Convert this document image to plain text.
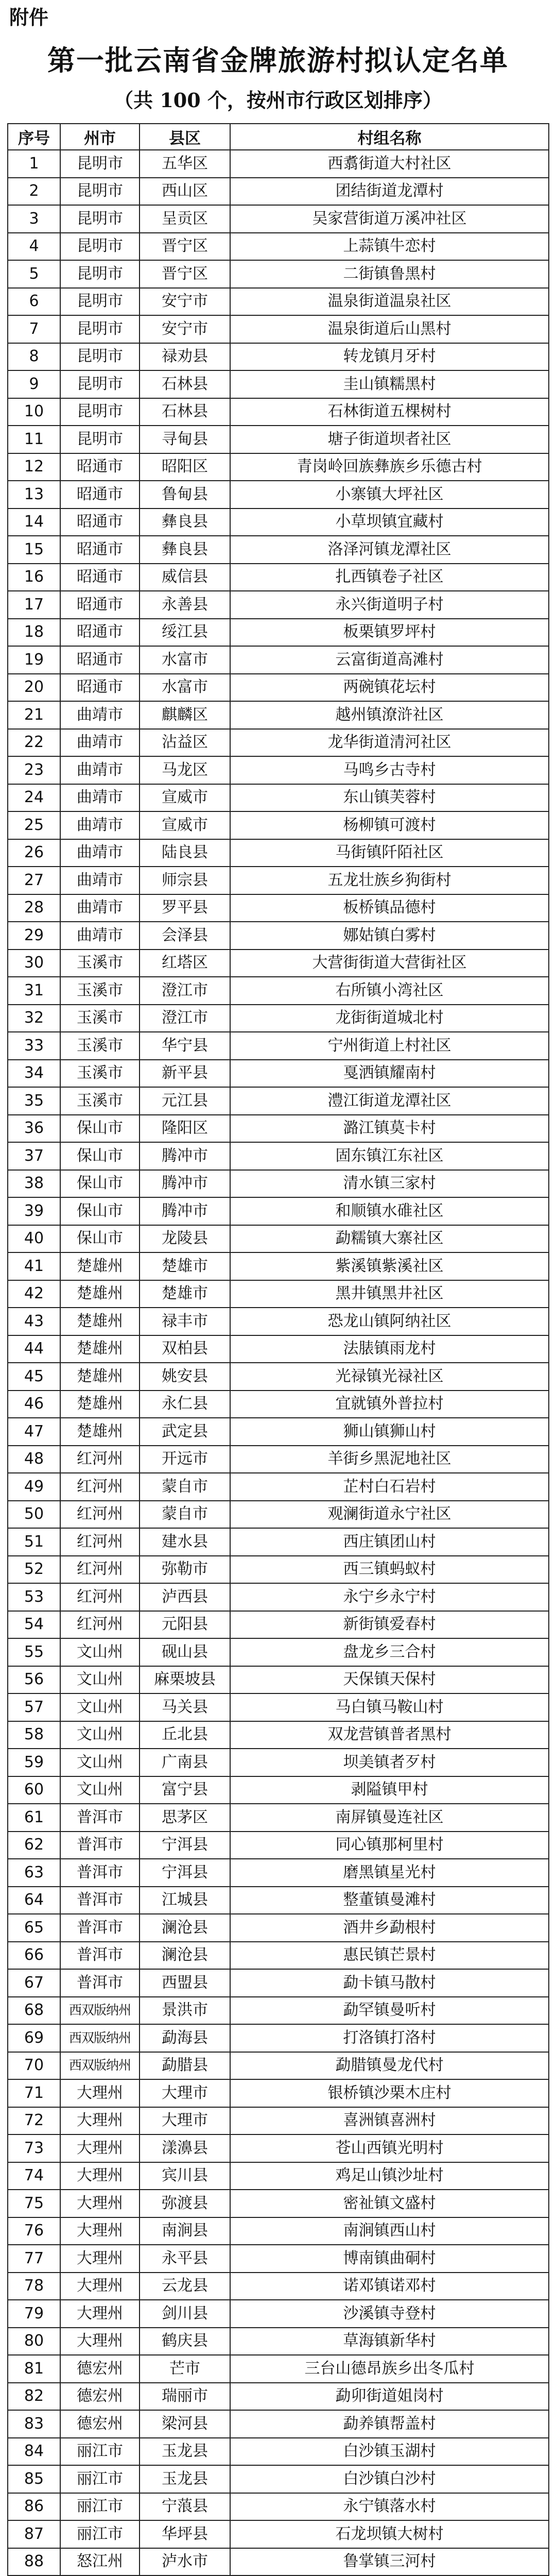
附件
第一批云南省金牌旅游村拟认定名单
（共 100 个，按州市行政区划排序）
序号	州市	县区	村组名称
1	昆明市	五华区	西翥街道大村社区
2	昆明市	西山区	团结街道龙潭村
3	昆明市	呈贡区	吴家营街道万溪冲社区
4	昆明市	晋宁区	上蒜镇牛恋村
5	昆明市	晋宁区	二街镇鲁黑村
6	昆明市	安宁市	温泉街道温泉社区
7	昆明市	安宁市	温泉街道后山黑村
8	昆明市	禄劝县	转龙镇月牙村
9	昆明市	石林县	圭山镇糯黑村
10	昆明市	石林县	石林街道五棵树村
11	昆明市	寻甸县	塘子街道坝者社区
12	昭通市	昭阳区	青岗岭回族彝族乡乐德古村
13	昭通市	鲁甸县	小寨镇大坪社区
14	昭通市	彝良县	小草坝镇宜藏村
15	昭通市	彝良县	洛泽河镇龙潭社区
16	昭通市	威信县	扎西镇卷子社区
17	昭通市	永善县	永兴街道明子村
18	昭通市	绥江县	板栗镇罗坪村
19	昭通市	水富市	云富街道高滩村
20	昭通市	水富市	两碗镇花坛村
21	曲靖市	麒麟区	越州镇潦浒社区
22	曲靖市	沾益区	龙华街道清河社区
23	曲靖市	马龙区	马鸣乡古寺村
24	曲靖市	宣威市	东山镇芙蓉村
25	曲靖市	宣威市	杨柳镇可渡村
26	曲靖市	陆良县	马街镇阡陌社区
27	曲靖市	师宗县	五龙壮族乡狗街村
28	曲靖市	罗平县	板桥镇品德村
29	曲靖市	会泽县	娜姑镇白雾村
30	玉溪市	红塔区	大营街街道大营街社区
31	玉溪市	澄江市	右所镇小湾社区
32	玉溪市	澄江市	龙街街道城北村
33	玉溪市	华宁县	宁州街道上村社区
34	玉溪市	新平县	戛洒镇耀南村
35	玉溪市	元江县	澧江街道龙潭社区
36	保山市	隆阳区	潞江镇莫卡村
37	保山市	腾冲市	固东镇江东社区
38	保山市	腾冲市	清水镇三家村
39	保山市	腾冲市	和顺镇水碓社区
40	保山市	龙陵县	勐糯镇大寨社区
41	楚雄州	楚雄市	紫溪镇紫溪社区
42	楚雄州	楚雄市	黑井镇黑井社区
43	楚雄州	禄丰市	恐龙山镇阿纳社区
44	楚雄州	双柏县	法脿镇雨龙村
45	楚雄州	姚安县	光禄镇光禄社区
46	楚雄州	永仁县	宜就镇外普拉村
47	楚雄州	武定县	狮山镇狮山村
48	红河州	开远市	羊街乡黑泥地社区
49	红河州	蒙自市	芷村白石岩村
50	红河州	蒙自市	观澜街道永宁社区
51	红河州	建水县	西庄镇团山村
52	红河州	弥勒市	西三镇蚂蚁村
53	红河州	泸西县	永宁乡永宁村
54	红河州	元阳县	新街镇爱春村
55	文山州	砚山县	盘龙乡三合村
56	文山州	麻栗坡县	天保镇天保村
57	文山州	马关县	马白镇马鞍山村
58	文山州	丘北县	双龙营镇普者黑村
59	文山州	广南县	坝美镇者歹村
60	文山州	富宁县	剥隘镇甲村
61	普洱市	思茅区	南屏镇曼连社区
62	普洱市	宁洱县	同心镇那柯里村
63	普洱市	宁洱县	磨黑镇星光村
64	普洱市	江城县	整董镇曼滩村
65	普洱市	澜沧县	酒井乡勐根村
66	普洱市	澜沧县	惠民镇芒景村
67	普洱市	西盟县	勐卡镇马散村
68	西双版纳州	景洪市	勐罕镇曼听村
69	西双版纳州	勐海县	打洛镇打洛村
70	西双版纳州	勐腊县	勐腊镇曼龙代村
71	大理州	大理市	银桥镇沙栗木庄村
72	大理州	大理市	喜洲镇喜洲村
73	大理州	漾濞县	苍山西镇光明村
74	大理州	宾川县	鸡足山镇沙址村
75	大理州	弥渡县	密祉镇文盛村
76	大理州	南涧县	南涧镇西山村
77	大理州	永平县	博南镇曲硐村
78	大理州	云龙县	诺邓镇诺邓村
79	大理州	剑川县	沙溪镇寺登村
80	大理州	鹤庆县	草海镇新华村
81	德宏州	芒市	三台山德昂族乡出冬瓜村
82	德宏州	瑞丽市	勐卯街道姐岗村
83	德宏州	梁河县	勐养镇帮盖村
84	丽江市	玉龙县	白沙镇玉湖村
85	丽江市	玉龙县	白沙镇白沙村
86	丽江市	宁蒗县	永宁镇落水村
87	丽江市	华坪县	石龙坝镇大树村
88	怒江州	泸水市	鲁掌镇三河村
